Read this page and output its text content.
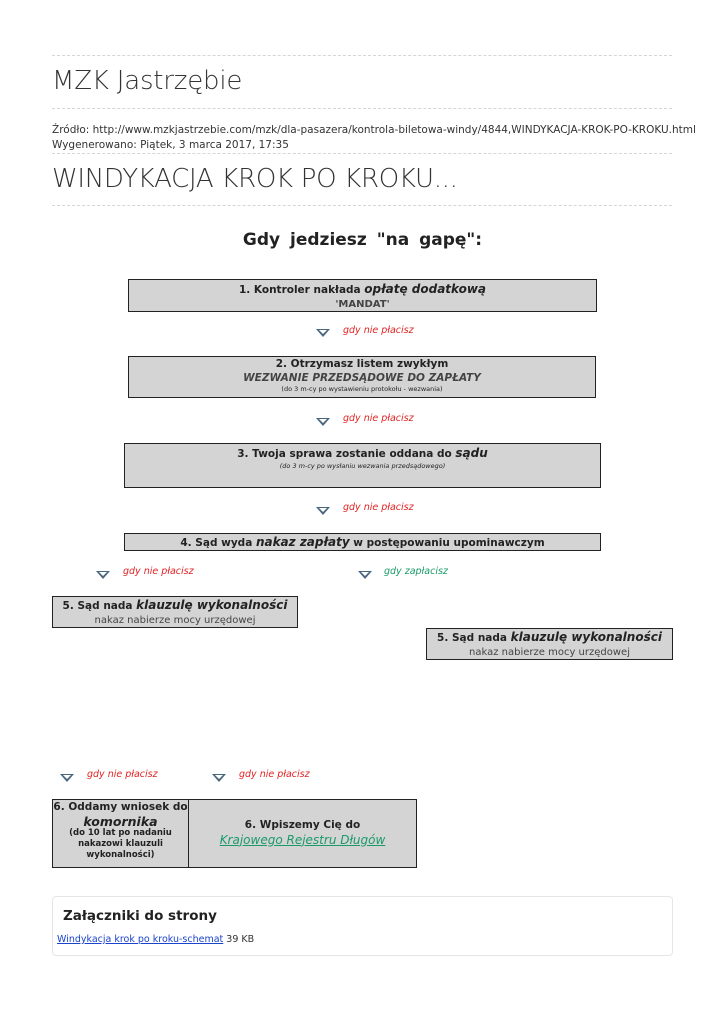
MZK Jastrzębie
Źródło: http://www.mzkjastrzebie.com/mzk/dla-pasazera/kontrola-biletowa-windy/4844,WINDYKACJA-KROK-PO-KROKU.html
Wygenerowano: Piątek, 3 marca 2017, 17:35
WINDYKACJA KROK PO KROKU...
Gdy jedziesz "na gapę":
1. Kontroler nakłada opłatę dodatkową
'MANDAT'
gdy nie płacisz
2. Otrzymasz listem zwykłym
WEZWANIE PRZEDSĄDOWE DO ZAPŁATY
(do 3 m-cy po wystawieniu protokołu - wezwania)
gdy nie płacisz
3. Twoja sprawa zostanie oddana do sądu
(do 3 m-cy po wysłaniu wezwania przedsądowego)
gdy nie płacisz
4. Sąd wyda nakaz zapłaty w postępowaniu upominawczym
gdy nie płacisz	gdy zapłacisz
5. Sąd nada klauzulę wykonalności
nakaz nabierze mocy urzędowej
5. Sąd nada klauzulę wykonalności
nakaz nabierze mocy urzędowej
gdy nie płacisz	gdy nie płacisz
6. Oddamy wniosek do
komornika
(do 10 lat po nadaniu nakazowi klauzuli wykonalności)
6. Wpiszemy Cię do
Krajowego Rejestru Długów
Załączniki do strony
Windykacja krok po kroku-schemat 39 KB
